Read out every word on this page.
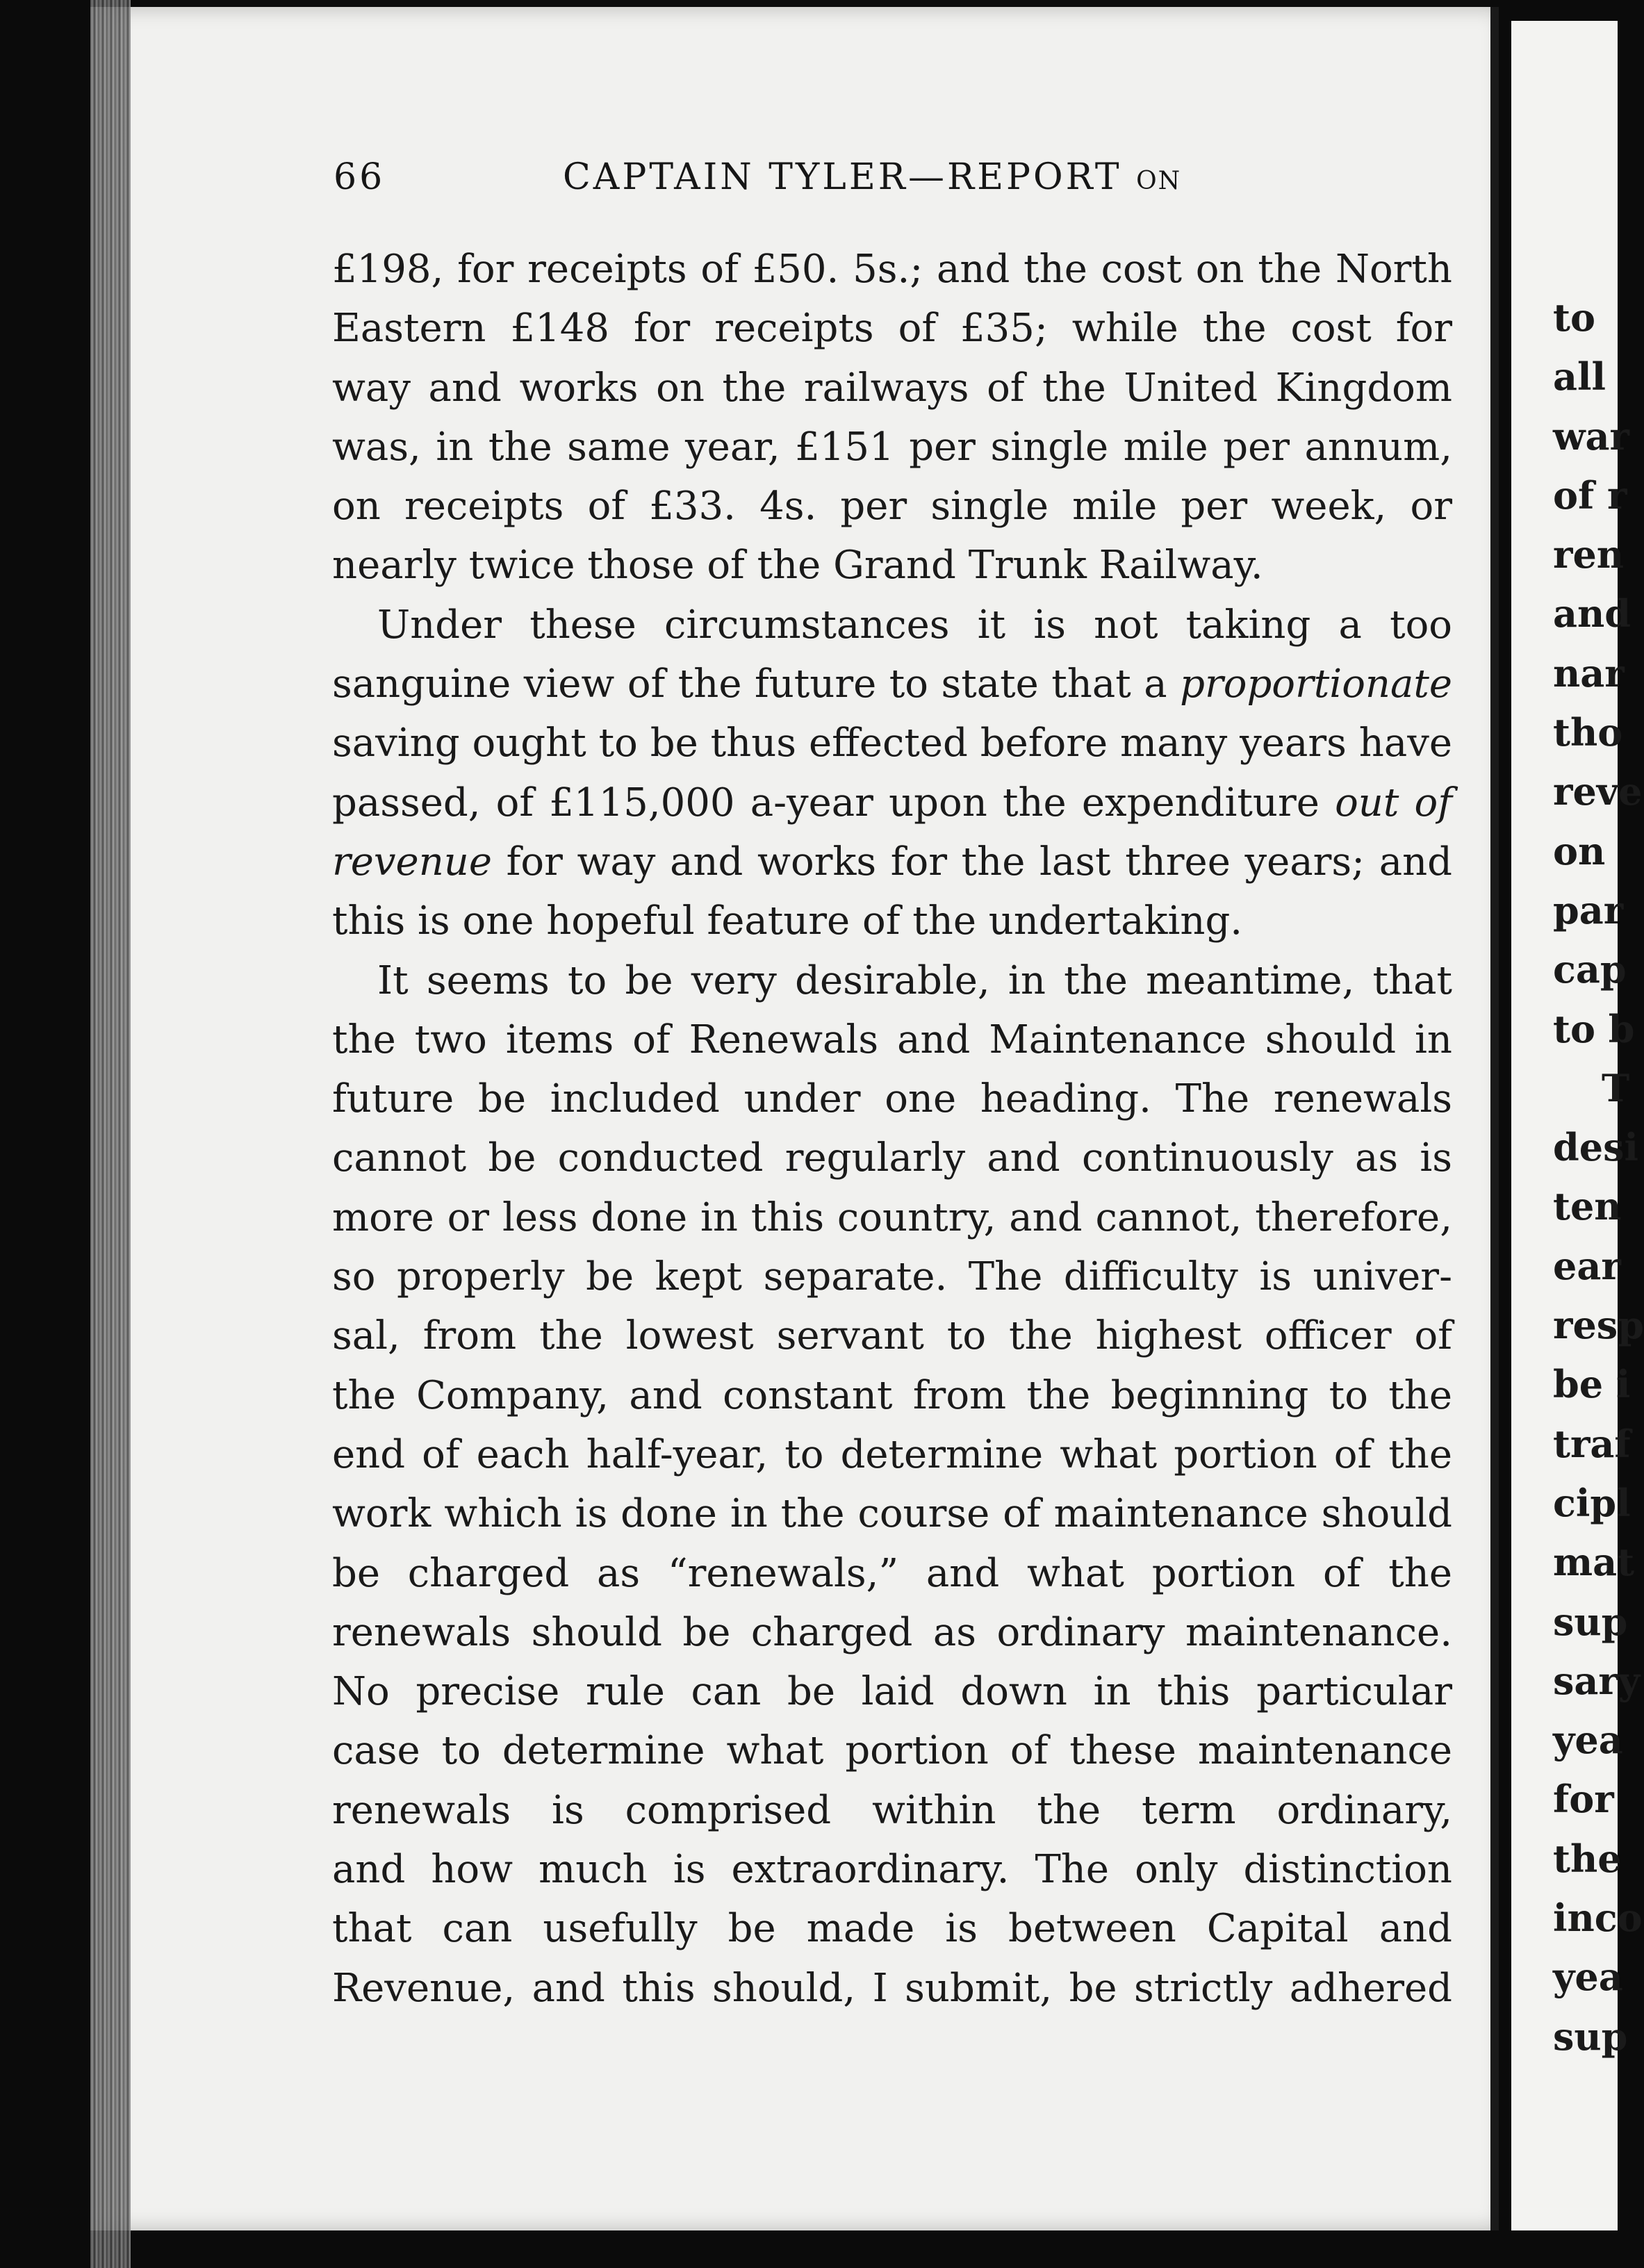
66	CAPTAIN TYLER—REPORT ON
£198, for receipts of £50. 5s.; and the cost on the North
Eastern £148 for receipts of £35; while the cost for
way and works on the railways of the United Kingdom
was, in the same year, £151 per single mile per annum,
on receipts of £33. 4s. per single mile per week, or
nearly twice those of the Grand Trunk Railway.
Under these circumstances it is not taking a too
sanguine view of the future to state that a proportionate
saving ought to be thus effected before many years have
passed, of £115,000 a-year upon the expenditure out of
revenue for way and works for the last three years; and
this is one hopeful feature of the undertaking.
It seems to be very desirable, in the meantime, that
the two items of Renewals and Maintenance should in
future be included under one heading. The renewals
cannot be conducted regularly and continuously as is
more or less done in this country, and cannot, therefore,
so properly be kept separate. The difficulty is univer-
sal, from the lowest servant to the highest officer of
the Company, and constant from the beginning to the
end of each half-year, to determine what portion of the
work which is done in the course of maintenance should
be charged as “renewals,” and what portion of the
renewals should be charged as ordinary maintenance.
No precise rule can be laid down in this particular
case to determine what portion of these maintenance
renewals is comprised within the term ordinary,
and how much is extraordinary. The only distinction
that can usefully be made is between Capital and
Revenue, and this should, I submit, be strictly adhered
to
all
war
of r
ren
and
nar
tho
reve
on
par
cap
to b
T
desi
ten
ear
resp
be i
traf
cipl
mat
sup
sary
yea
for
the
inco
yea
sup
